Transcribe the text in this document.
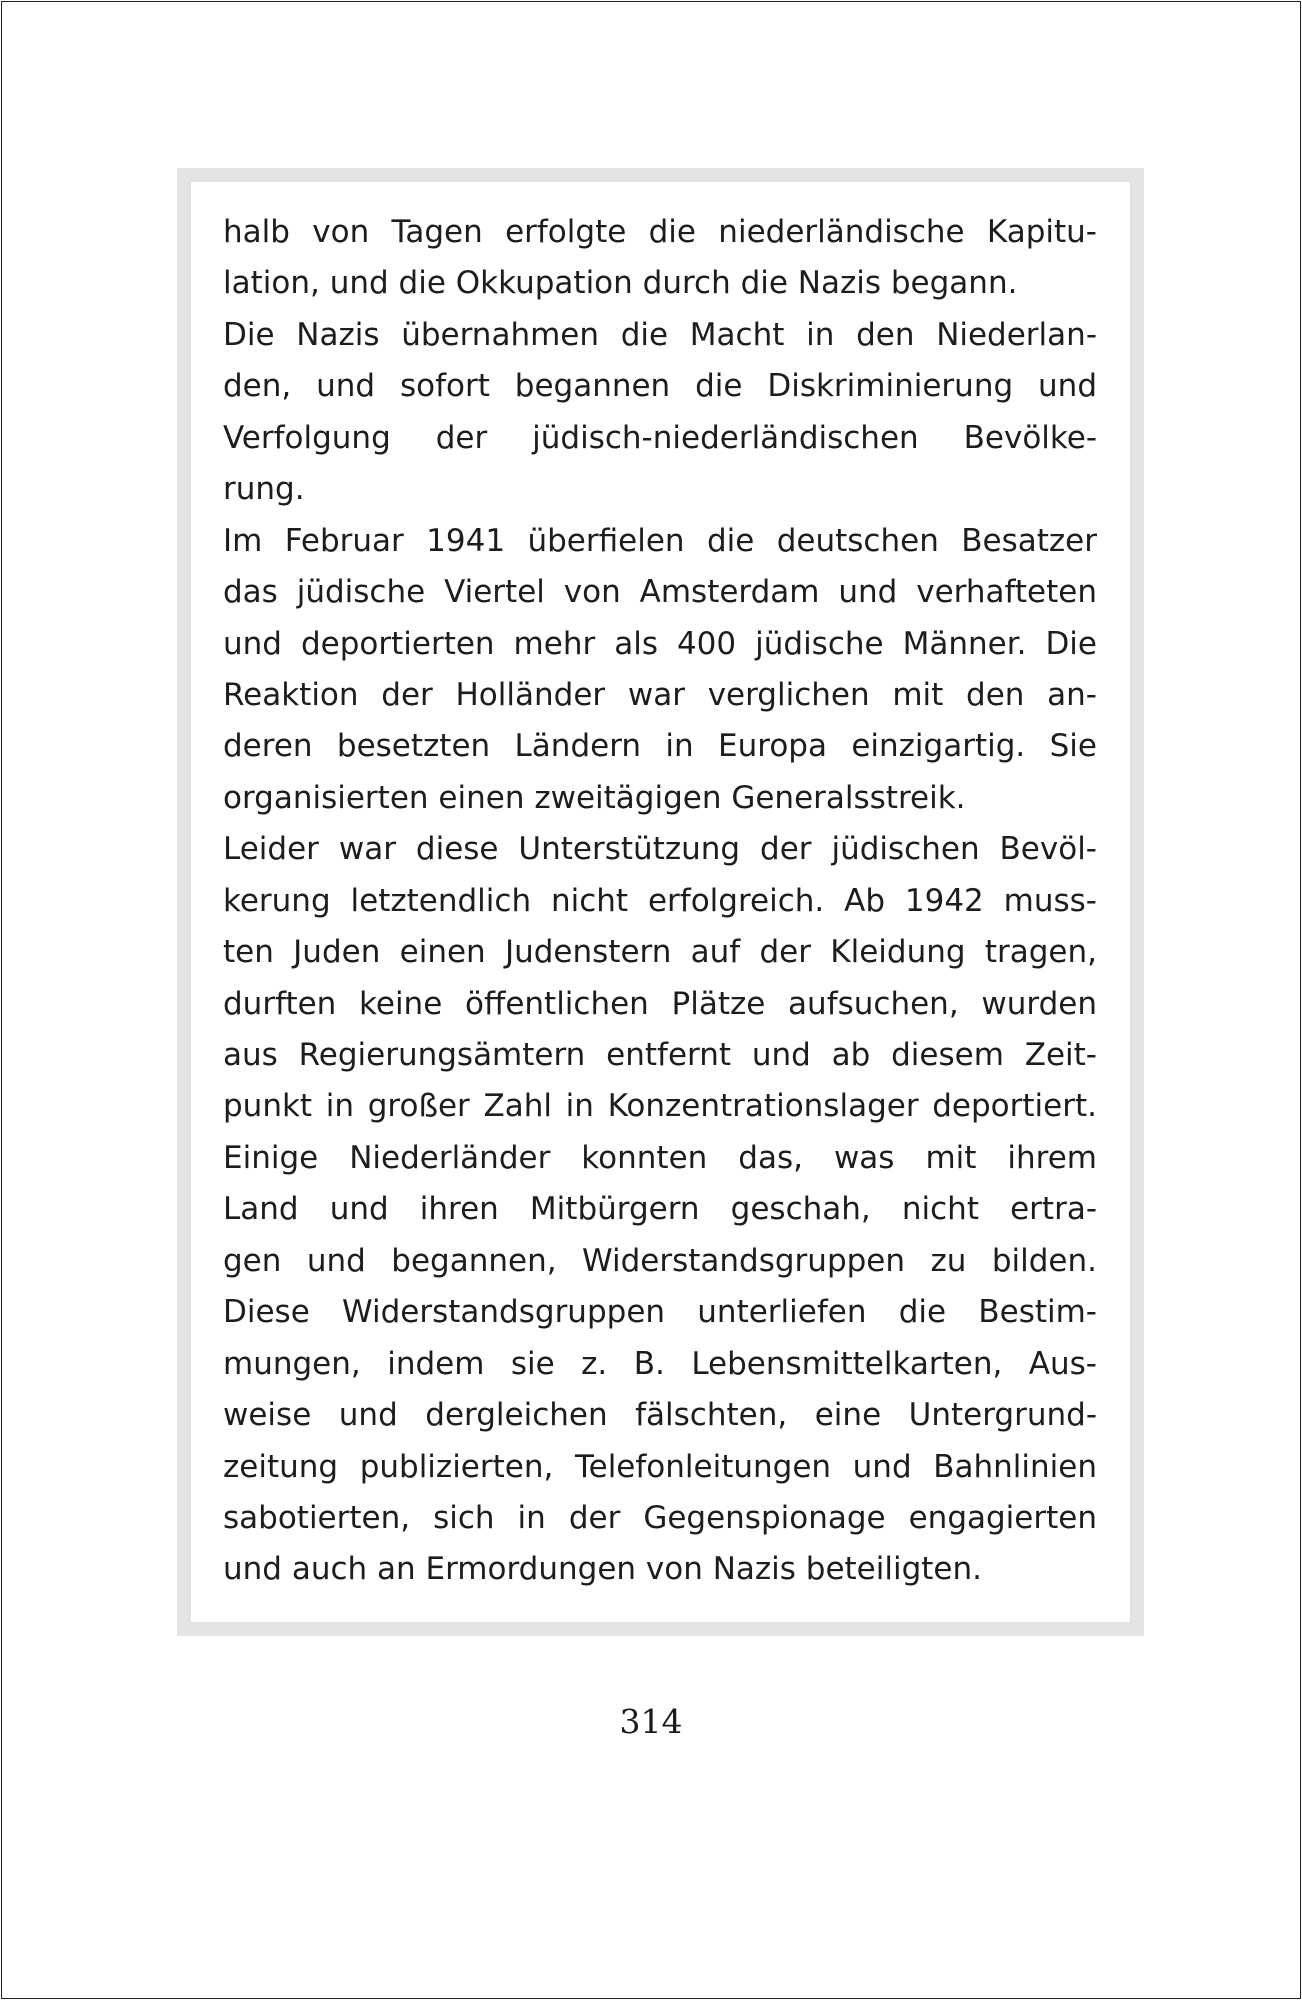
halb von Tagen erfolgte die niederländische Kapitu-
lation, und die Okkupation durch die Nazis begann.
Die Nazis übernahmen die Macht in den Niederlan-
den, und sofort begannen die Diskriminierung und
Verfolgung der jüdisch-niederländischen Bevölke-
rung.
Im Februar 1941 überfielen die deutschen Besatzer
das jüdische Viertel von Amsterdam und verhafteten
und deportierten mehr als 400 jüdische Männer. Die
Reaktion der Holländer war verglichen mit den an-
deren besetzten Ländern in Europa einzigartig. Sie
organisierten einen zweitägigen Generalsstreik.
Leider war diese Unterstützung der jüdischen Bevöl-
kerung letztendlich nicht erfolgreich. Ab 1942 muss-
ten Juden einen Judenstern auf der Kleidung tragen,
durften keine öffentlichen Plätze aufsuchen, wurden
aus Regierungsämtern entfernt und ab diesem Zeit-
punkt in großer Zahl in Konzentrationslager deportiert.
Einige Niederländer konnten das, was mit ihrem
Land und ihren Mitbürgern geschah, nicht ertra-
gen und begannen, Widerstandsgruppen zu bilden.
Diese Widerstandsgruppen unterliefen die Bestim-
mungen, indem sie z. B. Lebensmittelkarten, Aus-
weise und dergleichen fälschten, eine Untergrund-
zeitung publizierten, Telefonleitungen und Bahnlinien
sabotierten, sich in der Gegenspionage engagierten
und auch an Ermordungen von Nazis beteiligten.
314
